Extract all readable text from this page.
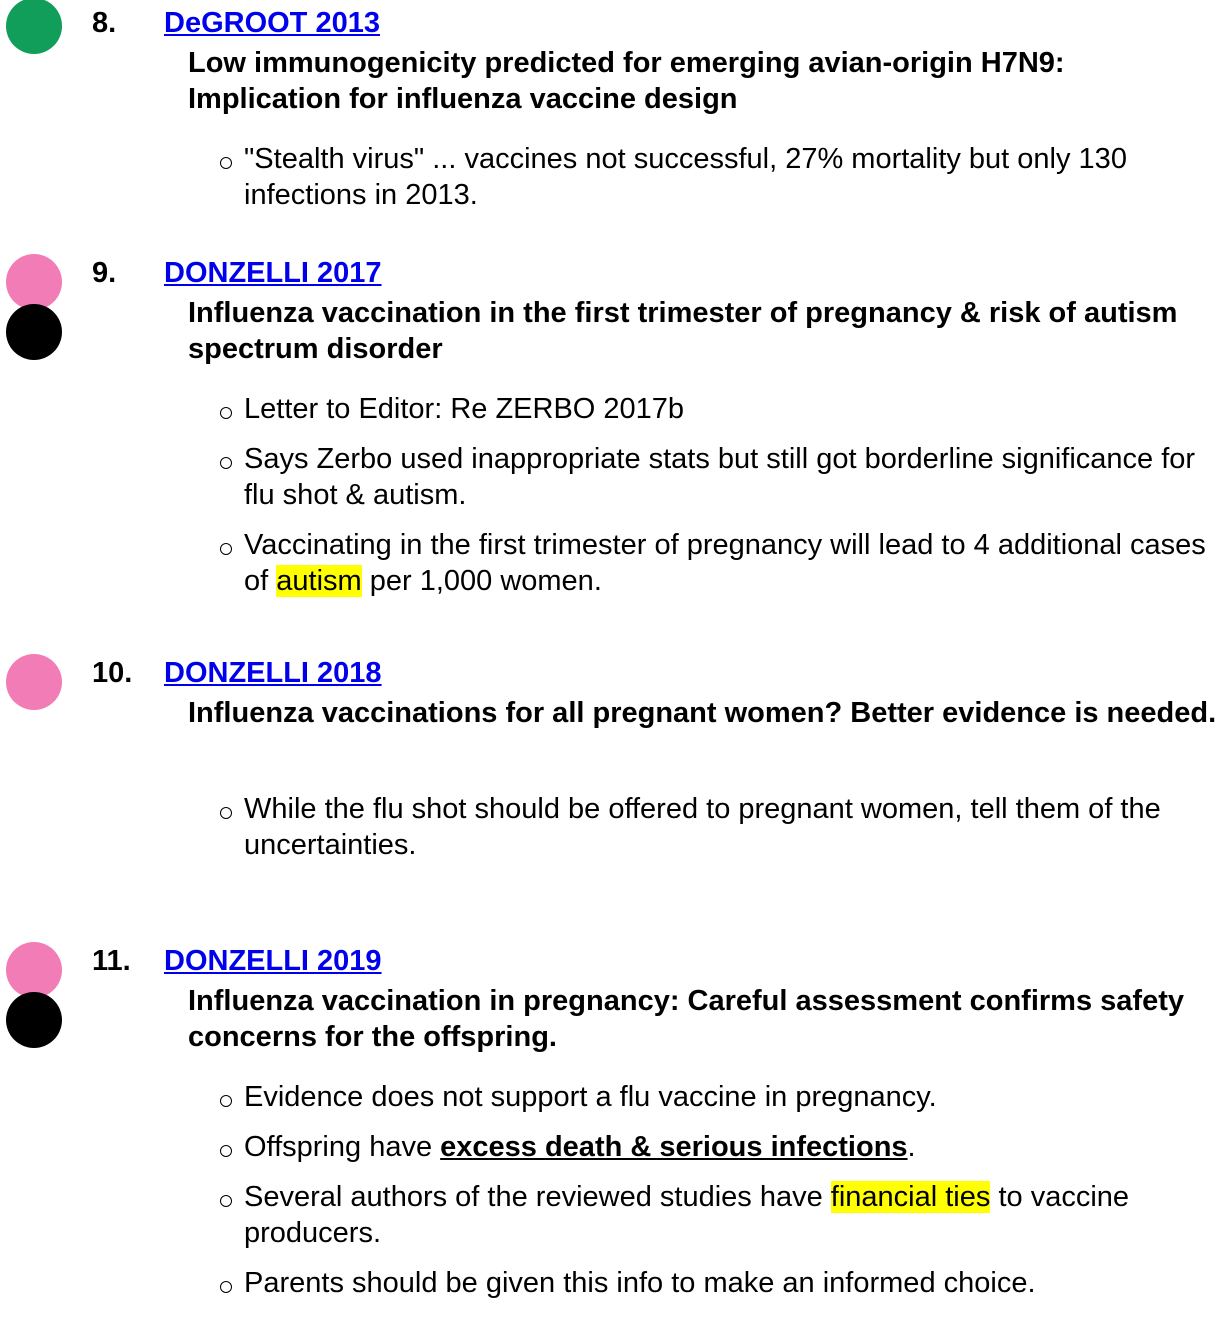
8. DeGROOT 2013
Low immunogenicity predicted for emerging avian-origin H7N9: Implication for influenza vaccine design
"Stealth virus" ... vaccines not successful, 27% mortality but only 130 infections in 2013.
9. DONZELLI 2017
Influenza vaccination in the first trimester of pregnancy & risk of autism spectrum disorder
Letter to Editor: Re ZERBO 2017b
Says Zerbo used inappropriate stats but still got borderline significance for flu shot & autism.
Vaccinating in the first trimester of pregnancy will lead to 4 additional cases of autism per 1,000 women.
10. DONZELLI 2018
Influenza vaccinations for all pregnant women? Better evidence is needed.
While the flu shot should be offered to pregnant women, tell them of the uncertainties.
11. DONZELLI 2019
Influenza vaccination in pregnancy: Careful assessment confirms safety concerns for the offspring.
Evidence does not support a flu vaccine in pregnancy.
Offspring have excess death & serious infections.
Several authors of the reviewed studies have financial ties to vaccine producers.
Parents should be given this info to make an informed choice.
